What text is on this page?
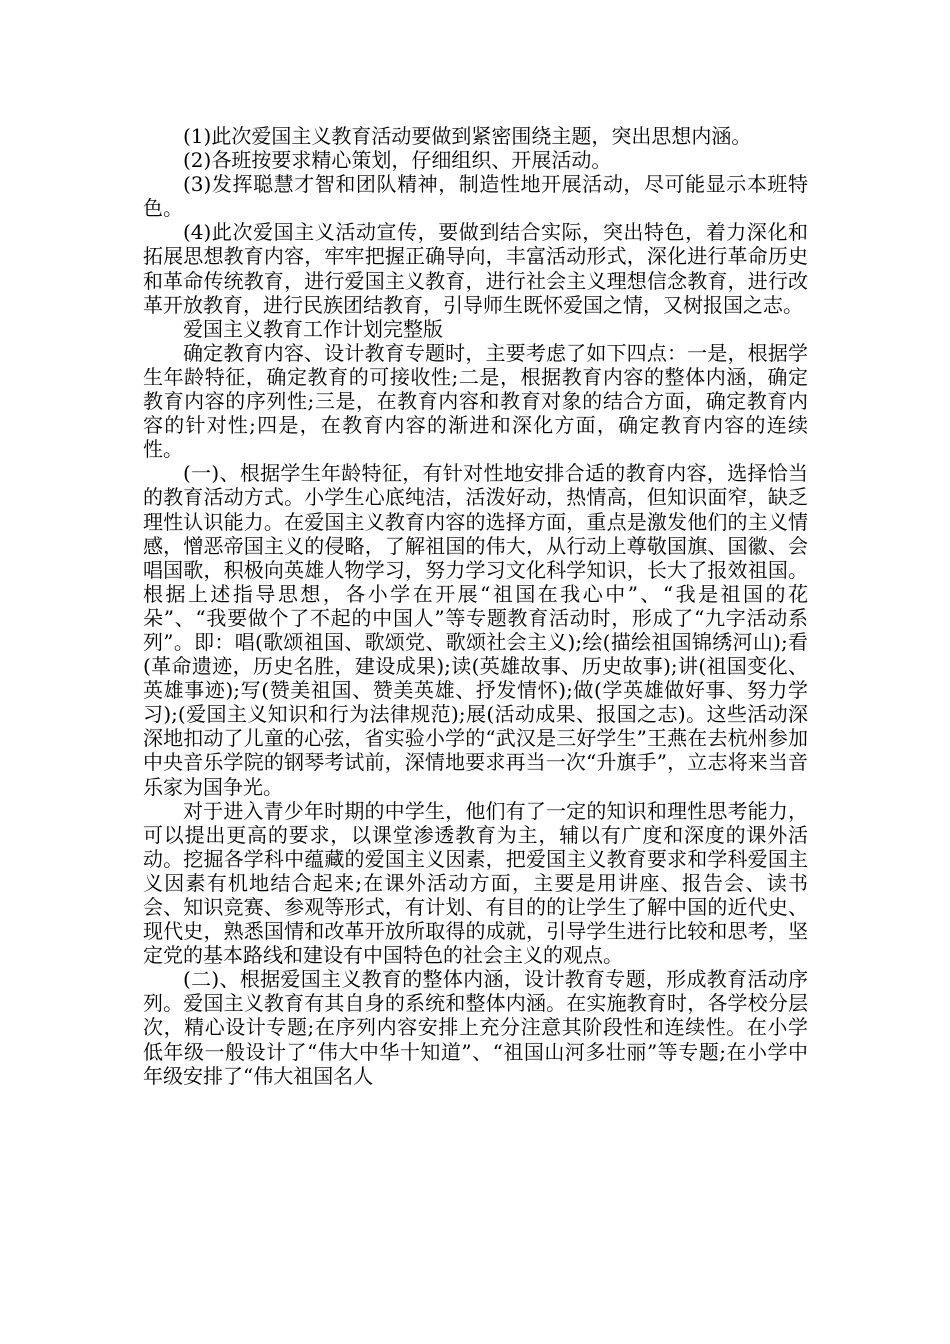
(1)此次爱国主义教育活动要做到紧密围绕主题，突出思想内涵。

(2)各班按要求精心策划，仔细组织、开展活动。

(3)发挥聪慧才智和团队精神，制造性地开展活动，尽可能显示本班特色。

(4)此次爱国主义活动宣传，要做到结合实际，突出特色，着力深化和拓展思想教育内容，牢牢把握正确导向，丰富活动形式，深化进行革命历史和革命传统教育，进行爱国主义教育，进行社会主义理想信念教育，进行改革开放教育，进行民族团结教育，引导师生既怀爱国之情，又树报国之志。

爱国主义教育工作计划完整版

确定教育内容、设计教育专题时，主要考虑了如下四点：一是，根据学生年龄特征，确定教育的可接收性;二是，根据教育内容的整体内涵，确定教育内容的序列性;三是，在教育内容和教育对象的结合方面，确定教育内容的针对性;四是，在教育内容的渐进和深化方面，确定教育内容的连续性。

(一)、根据学生年龄特征，有针对性地安排合适的教育内容，选择恰当的教育活动方式。小学生心底纯洁，活泼好动，热情高，但知识面窄，缺乏理性认识能力。在爱国主义教育内容的选择方面，重点是激发他们的主义情感，憎恶帝国主义的侵略，了解祖国的伟大，从行动上尊敬国旗、国徽、会唱国歌，积极向英雄人物学习，努力学习文化科学知识，长大了报效祖国。根据上述指导思想，各小学在开展“祖国在我心中”、“我是祖国的花朵”、“我要做个了不起的中国人”等专题教育活动时，形成了“九字活动系列”。即：唱(歌颂祖国、歌颂党、歌颂社会主义);绘(描绘祖国锦绣河山);看(革命遗迹，历史名胜，建设成果);读(英雄故事、历史故事);讲(祖国变化、英雄事迹);写(赞美祖国、赞美英雄、抒发情怀);做(学英雄做好事、努力学习);(爱国主义知识和行为法律规范);展(活动成果、报国之志)。这些活动深深地扣动了儿童的心弦，省实验小学的“武汉是三好学生”王燕在去杭州参加中央音乐学院的钢琴考试前，深情地要求再当一次“升旗手”，立志将来当音乐家为国争光。

对于进入青少年时期的中学生，他们有了一定的知识和理性思考能力，可以提出更高的要求，以课堂渗透教育为主，辅以有广度和深度的课外活动。挖掘各学科中蕴藏的爱国主义因素，把爱国主义教育要求和学科爱国主义因素有机地结合起来;在课外活动方面，主要是用讲座、报告会、读书会、知识竞赛、参观等形式，有计划、有目的的让学生了解中国的近代史、现代史，熟悉国情和改革开放所取得的成就，引导学生进行比较和思考，坚定党的基本路线和建设有中国特色的社会主义的观点。

(二)、根据爱国主义教育的整体内涵，设计教育专题，形成教育活动序列。爱国主义教育有其自身的系统和整体内涵。在实施教育时，各学校分层次，精心设计专题;在序列内容安排上充分注意其阶段性和连续性。在小学低年级一般设计了“伟大中华十知道”、“祖国山河多壮丽”等专题;在小学中年级安排了“伟大祖国名人
